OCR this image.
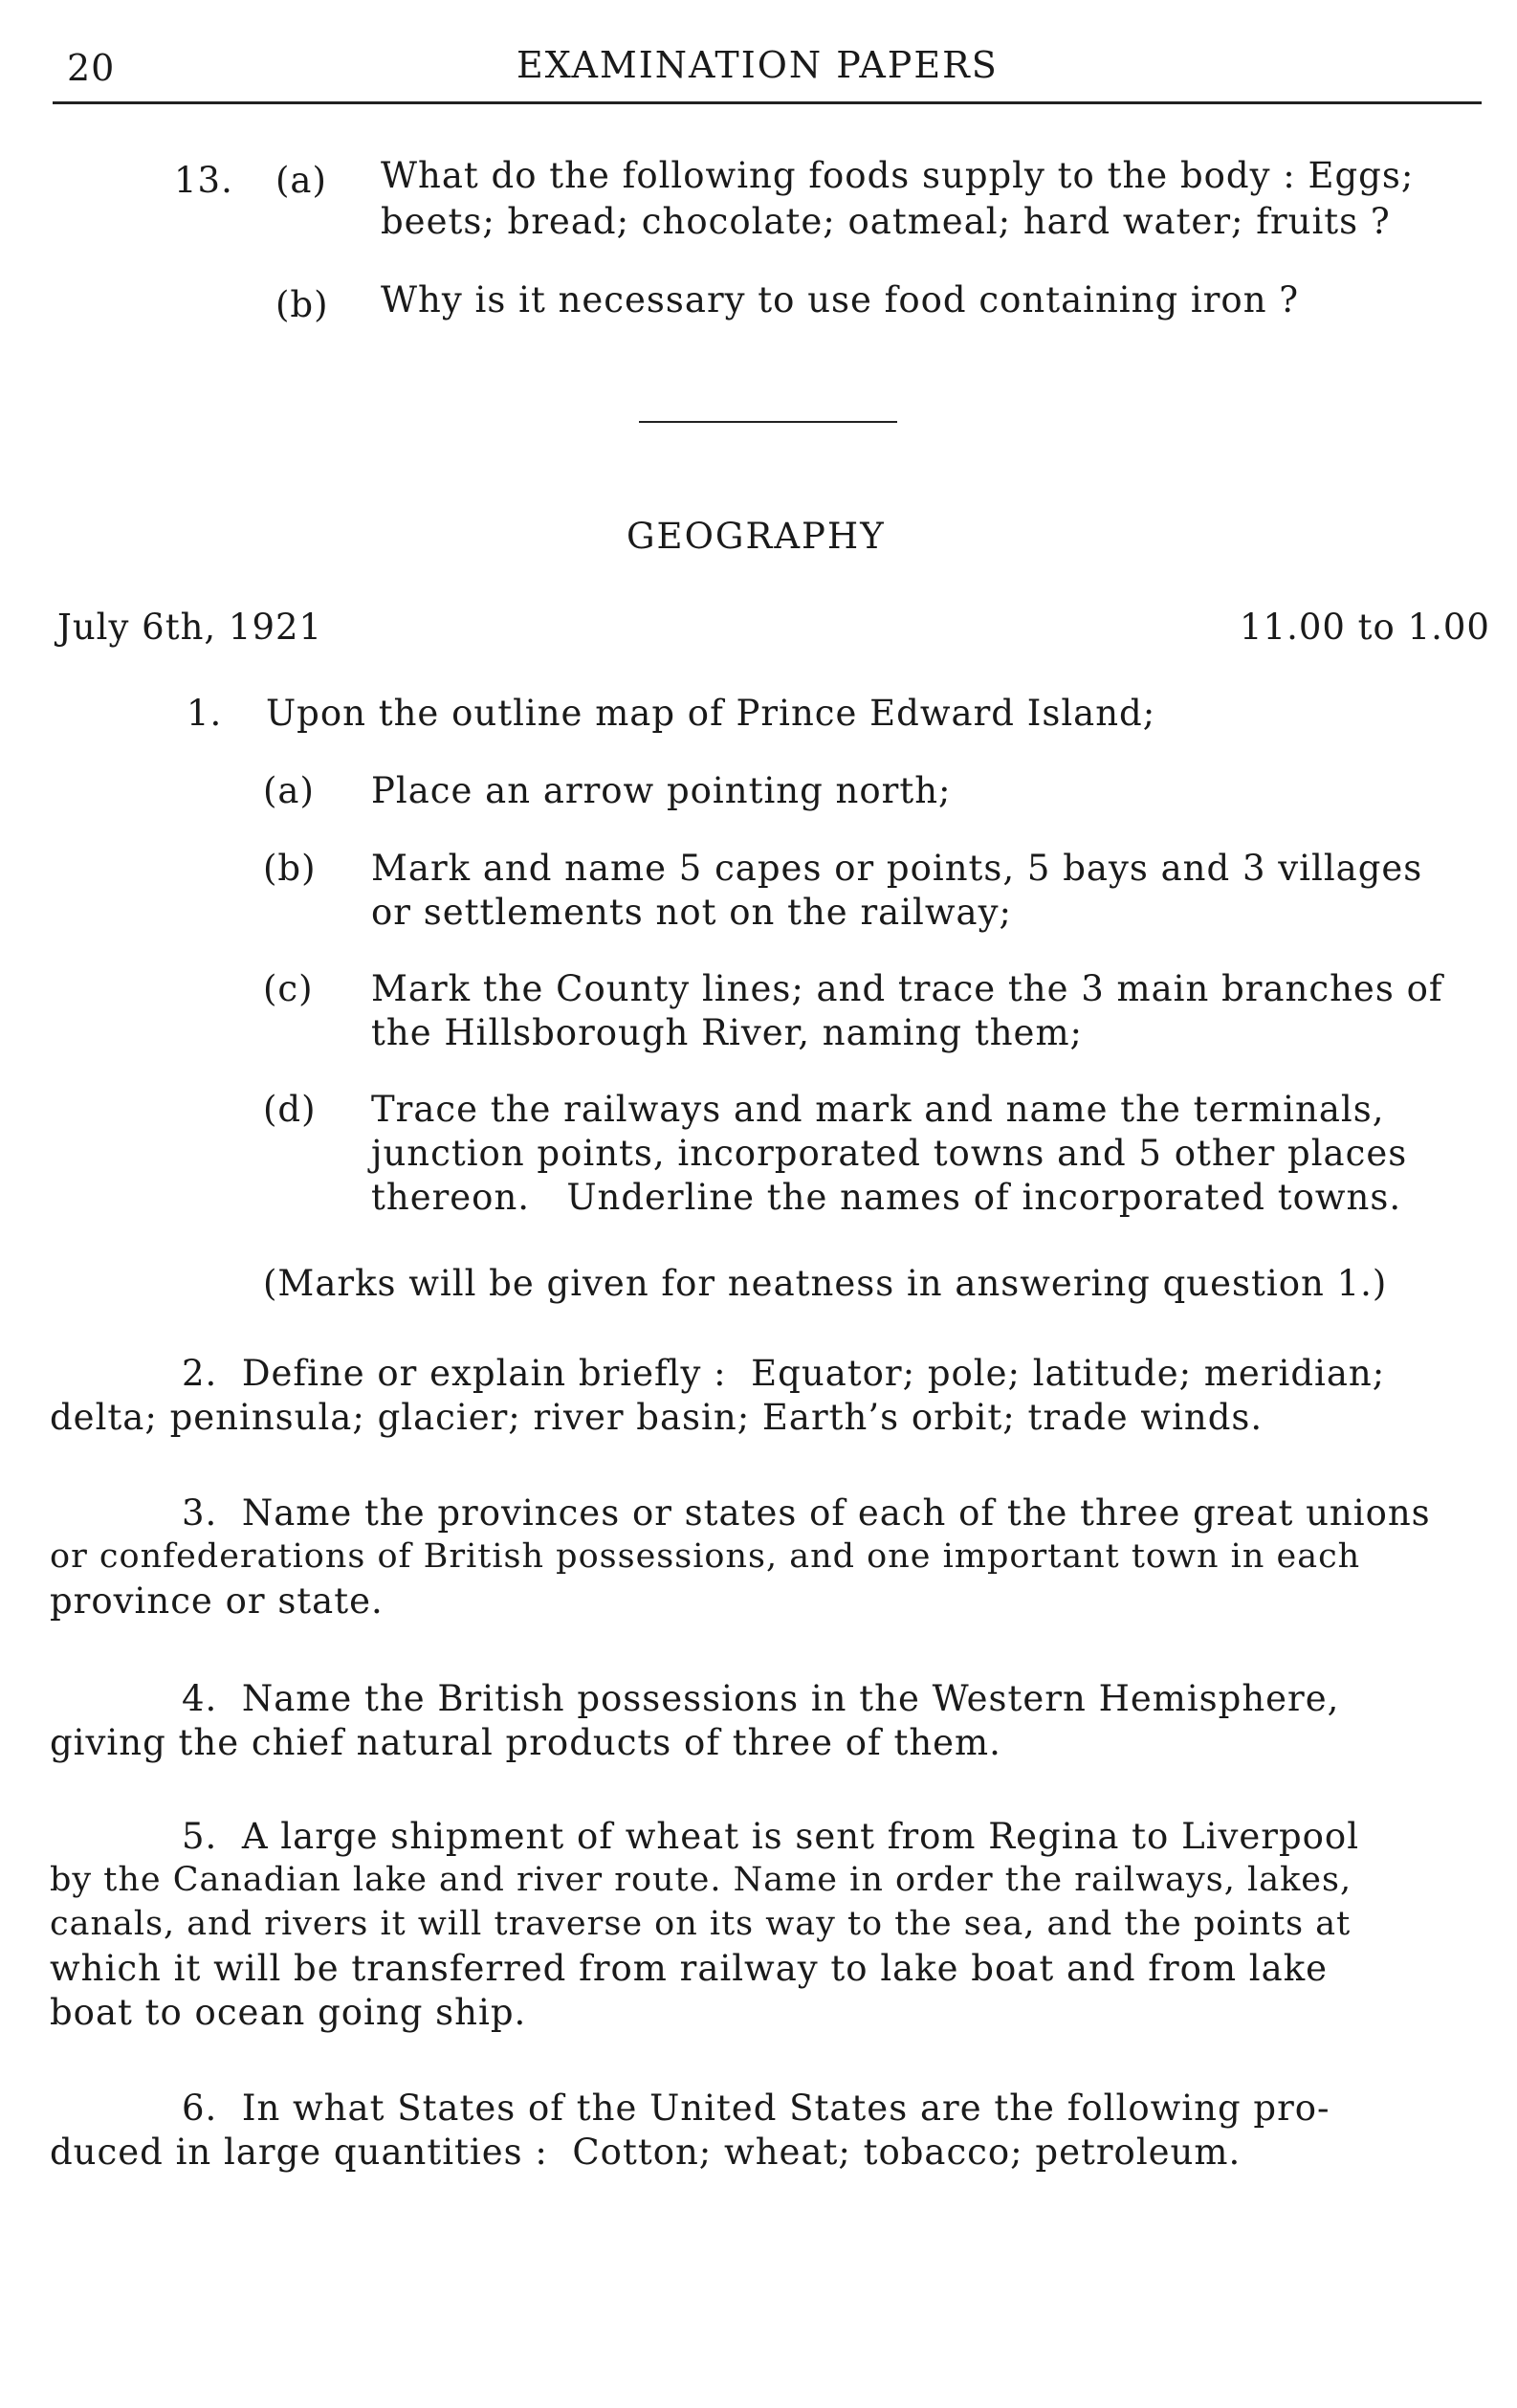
20	EXAMINATION PAPERS
13. (a) What do the following foods supply to the body : Eggs;
beets; bread; chocolate; oatmeal; hard water; fruits ?
(b) Why is it necessary to use food containing iron ?
GEOGRAPHY
July 6th, 1921	11.00 to 1.00
1. Upon the outline map of Prince Edward Island;
(a) Place an arrow pointing north;
(b) Mark and name 5 capes or points, 5 bays and 3 villages
or settlements not on the railway;
(c) Mark the County lines; and trace the 3 main branches of
the Hillsborough River, naming them;
(d) Trace the railways and mark and name the terminals,
junction points, incorporated towns and 5 other places
thereon.   Underline the names of incorporated towns.
(Marks will be given for neatness in answering question 1.)
2.  Define or explain briefly :  Equator; pole; latitude; meridian;
delta; peninsula; glacier; river basin; Earth’s orbit; trade winds.
3.  Name the provinces or states of each of the three great unions
or confederations of British possessions, and one important town in each
province or state.
4.  Name the British possessions in the Western Hemisphere,
giving the chief natural products of three of them.
5.  A large shipment of wheat is sent from Regina to Liverpool
by the Canadian lake and river route. Name in order the railways, lakes,
canals, and rivers it will traverse on its way to the sea, and the points at
which it will be transferred from railway to lake boat and from lake
boat to ocean going ship.
6.  In what States of the United States are the following pro-
duced in large quantities :  Cotton; wheat; tobacco; petroleum.
